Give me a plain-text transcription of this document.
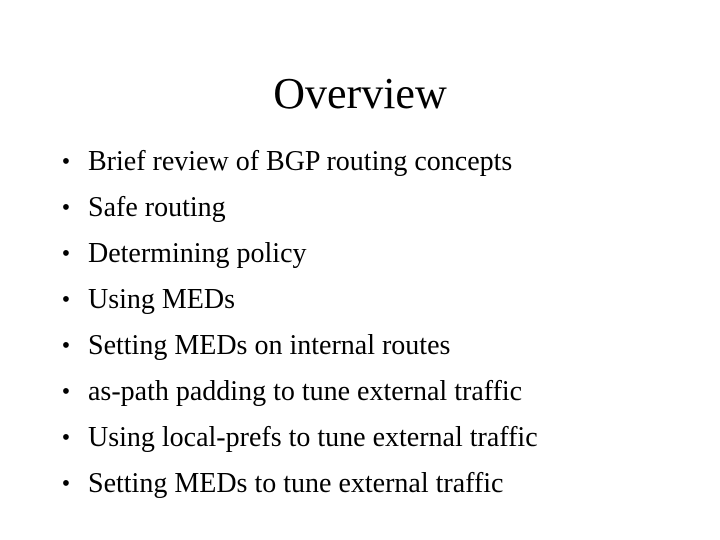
Overview
• Brief review of BGP routing concepts
• Safe routing
• Determining policy
• Using MEDs
• Setting MEDs on internal routes
• as-path padding to tune external traffic
• Using local-prefs to tune external traffic
• Setting MEDs to tune external traffic
